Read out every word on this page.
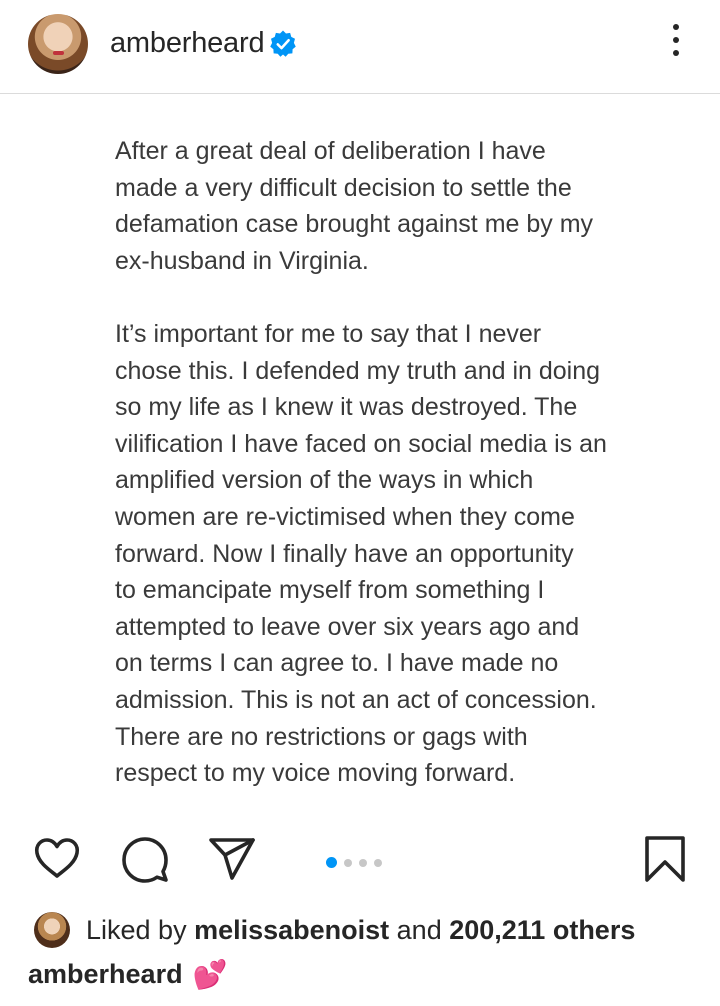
amberheard

After a great deal of deliberation I have
made a very difficult decision to settle the
defamation case brought against me by my
ex-husband in Virginia.

It’s important for me to say that I never
chose this. I defended my truth and in doing
so my life as I knew it was destroyed. The
vilification I have faced on social media is an
amplified version of the ways in which
women are re-victimised when they come
forward. Now I finally have an opportunity
to emancipate myself from something I
attempted to leave over six years ago and
on terms I can agree to. I have made no
admission. This is not an act of concession.
There are no restrictions or gags with
respect to my voice moving forward.

Liked by melissabenoist and 200,211 others
amberheard 💕
